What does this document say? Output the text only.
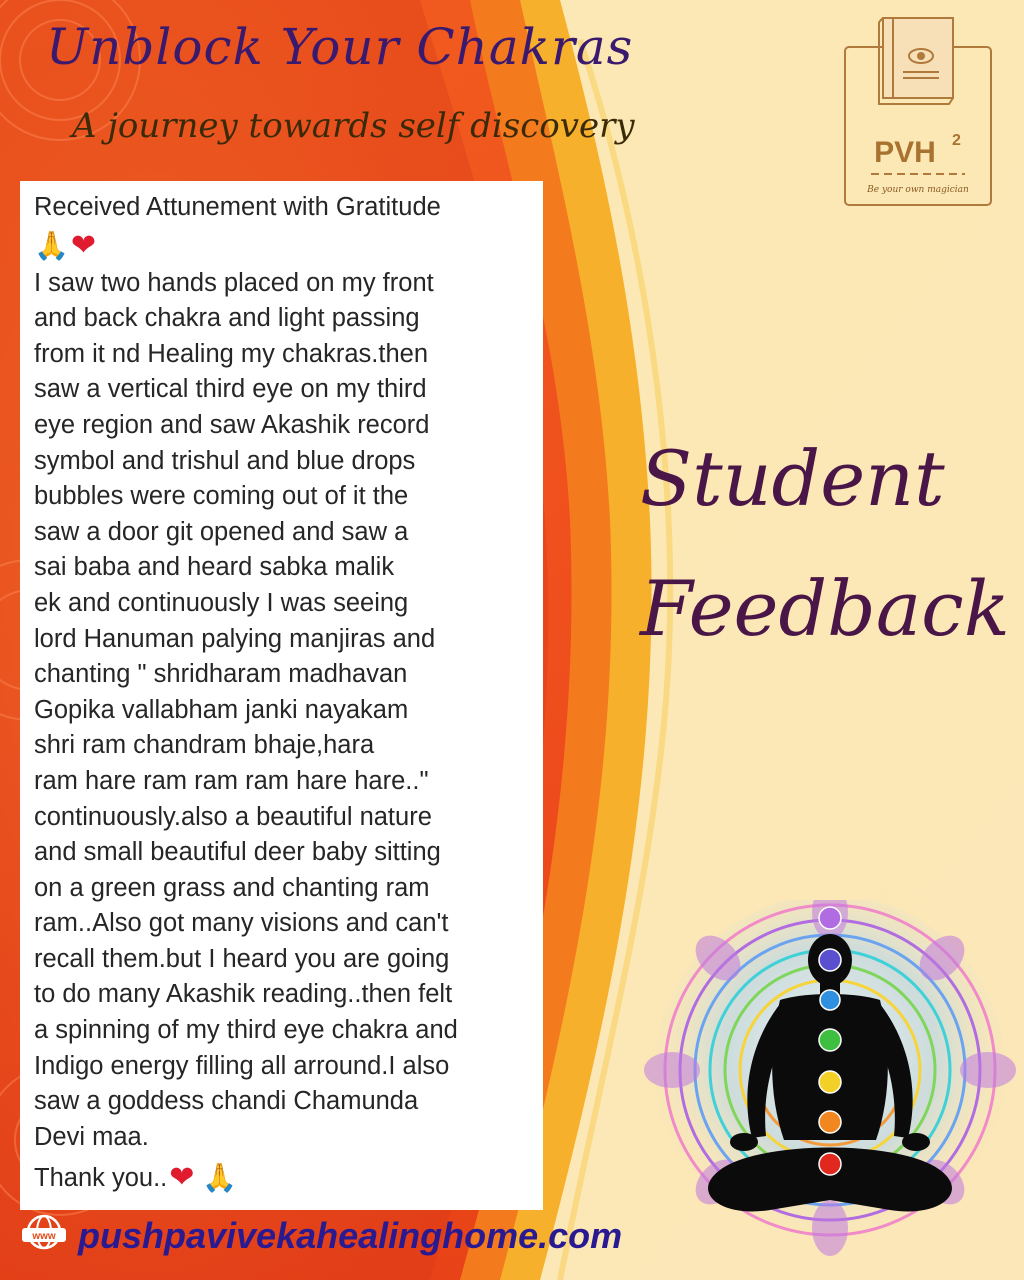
Unblock Your Chakras
A journey towards self discovery
PVH 2
Be your own magician
Received Attunement with Gratitude
🙏 ❤
I saw two hands placed on my front
and back chakra and light passing
from it nd Healing my chakras.then
saw a vertical third eye on my third
eye region and saw Akashik record
symbol and trishul and blue drops
bubbles were coming out of it the
saw a door git opened and saw a
sai baba and heard sabka malik
ek and continuously I was seeing
lord Hanuman palying manjiras and
chanting " shridharam madhavan
Gopika vallabham janki nayakam
shri ram chandram bhaje,hara
ram hare ram ram ram hare hare.."
continuously.also a beautiful nature
and small beautiful deer baby sitting
on a green grass and chanting ram
ram..Also got many visions and can't
recall them.but I heard you are going
to do many Akashik reading..then felt
a spinning of my third eye chakra and
Indigo energy filling all arround.I also
saw a goddess chandi Chamunda
Devi maa.
Thank you.. ❤ 🙏
Student
Feedback
www pushpavivekahealinghome.com
